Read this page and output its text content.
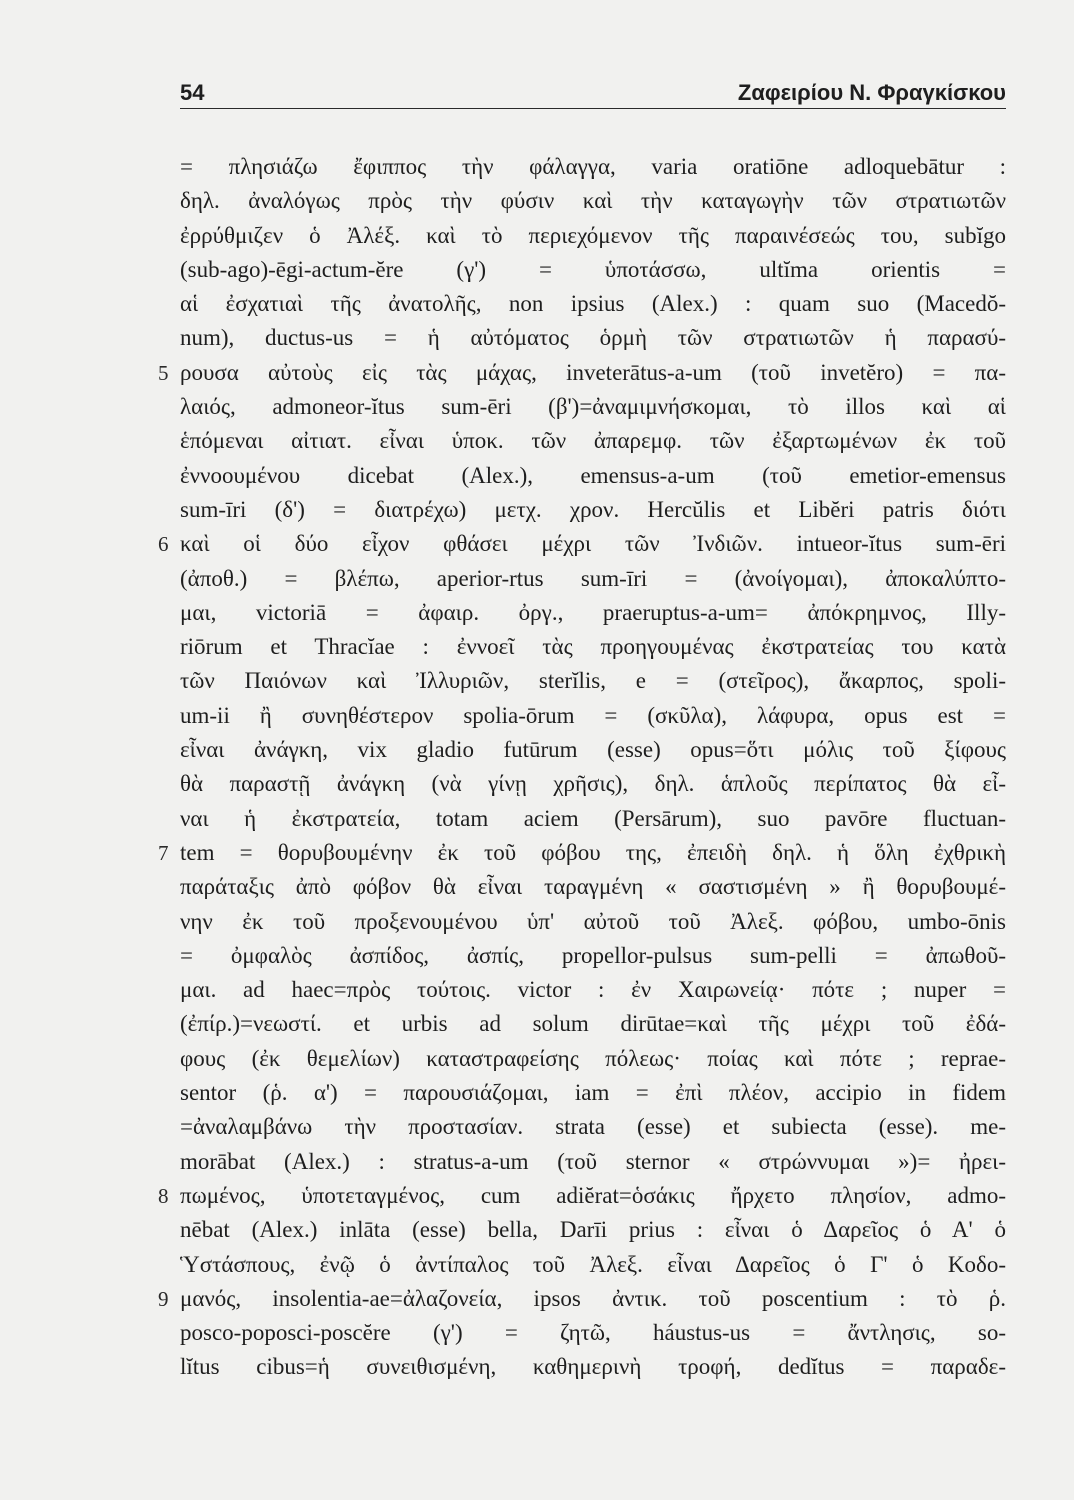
54	Ζαφειρίου Ν. Φραγκίσκου
= πλησιάζω ἔφιππος τὴν φάλαγγα, varia oratiōne adloquebātur :
δηλ. ἀναλόγως πρὸς τὴν φύσιν καὶ τὴν καταγωγὴν τῶν στρατιωτῶν
ἐρρύθμιζεν ὁ Ἀλέξ. καὶ τὸ περιεχόμενον τῆς παραινέσεώς του, subĭgo
(sub-ago)-ēgi-actum-ĕre (γ') = ὑποτάσσω, ultĭma orientis =
αἱ ἐσχατιαὶ τῆς ἀνατολῆς, non ipsius (Alex.) : quam suo (Macedŏ-
num), ductus-us = ἡ αὐτόματος ὁρμὴ τῶν στρατιωτῶν ἡ παρασύ-
5 ρουσα αὐτοὺς εἰς τὰς μάχας, inveterātus-a-um (τοῦ invetĕro) = πα-
λαιός, admoneor-ĭtus sum-ēri (β')=ἀναμιμνήσκομαι, τὸ illos καὶ αἱ
ἑπόμεναι αἰτιατ. εἶναι ὑποκ. τῶν ἀπαρεμφ. τῶν ἐξαρτωμένων ἐκ τοῦ
ἐννοουμένου dicebat (Alex.), emensus-a-um (τοῦ emetior-emensus
sum-īri (δ') = διατρέχω) μετχ. χρον. Hercŭlis et Libĕri patris διότι
6 καὶ οἱ δύο εἶχον φθάσει μέχρι τῶν Ἰνδιῶν. intueor-ĭtus sum-ēri
(ἀποθ.) = βλέπω, aperior-rtus sum-īri = (ἀνοίγομαι), ἀποκαλύπτο-
μαι, victoriā = ἀφαιρ. ὀργ., praeruptus-a-um= ἀπόκρημνος, Illy-
riōrum et Thracĭae : ἐννοεῖ τὰς προηγουμένας ἐκστρατείας του κατὰ
τῶν Παιόνων καὶ Ἰλλυριῶν, sterĭlis, e = (στεῖρος), ἄκαρπος, spoli-
um-ii ἢ συνηθέστερον spolia-ōrum = (σκῦλα), λάφυρα, opus est =
εἶναι ἀνάγκη, vix gladio futūrum (esse) opus=ὅτι μόλις τοῦ ξίφους
θὰ παραστῇ ἀνάγκη (νὰ γίνῃ χρῆσις), δηλ. ἁπλοῦς περίπατος θὰ εἶ-
ναι ἡ ἐκστρατεία, totam aciem (Persārum), suo pavōre fluctuan-
7 tem = θορυβουμένην ἐκ τοῦ φόβου της, ἐπειδὴ δηλ. ἡ ὅλη ἐχθρικὴ
παράταξις ἀπὸ φόβον θὰ εἶναι ταραγμένη « σαστισμένη » ἢ θορυβουμέ-
νην ἐκ τοῦ προξενουμένου ὑπ' αὐτοῦ τοῦ Ἀλεξ. φόβου, umbo-ōnis
= ὀμφαλὸς ἀσπίδος, ἀσπίς, propellor-pulsus sum-pelli = ἀπωθοῦ-
μαι. ad haec=πρὸς τούτοις. victor : ἐν Χαιρωνείᾳ· πότε ; nuper =
(ἐπίρ.)=νεωστί. et urbis ad solum dirūtae=καὶ τῆς μέχρι τοῦ ἐδά-
φους (ἐκ θεμελίων) καταστραφείσης πόλεως· ποίας καὶ πότε ; reprae-
sentor (ῥ. α') = παρουσιάζομαι, iam = ἐπὶ πλέον, accipio in fidem
=ἀναλαμβάνω τὴν προστασίαν. strata (esse) et subiecta (esse). me-
morābat (Alex.) : stratus-a-um (τοῦ sternor « στρώννυμαι »)= ἠρει-
8 πωμένος, ὑποτεταγμένος, cum adiĕrat=ὁσάκις ἤρχετο πλησίον, admo-
nēbat (Alex.) inlāta (esse) bella, Darīi prius : εἶναι ὁ Δαρεῖος ὁ Α' ὁ
Ὑστάσπους, ἐνῷ ὁ ἀντίπαλος τοῦ Ἀλεξ. εἶναι Δαρεῖος ὁ Γ' ὁ Κοδο-
9 μανός, insolentia-ae=ἀλαζονεία, ipsos ἀντικ. τοῦ poscentium : τὸ ῥ.
posco-poposci-poscĕre (γ') = ζητῶ, háustus-us = ἄντλησις, so-
lĭtus cibus=ἡ συνειθισμένη, καθημερινὴ τροφή, dedĭtus = παραδε-
